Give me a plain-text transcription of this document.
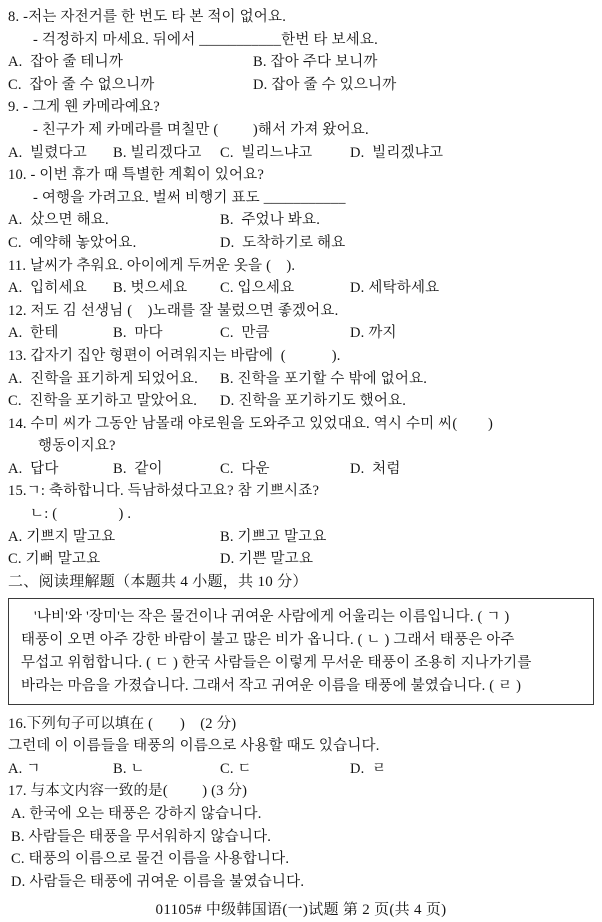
8. -저는 자전거를 한 번도 타 본 적이 없어요.
- 걱정하지 마세요. 뒤에서 ___________한번 타 보세요.
A.  잡아 줄 테니까	B. 잡아 주다 보니까
C.  잡아 줄 수 없으니까	D. 잡아 줄 수 있으니까
9. - 그게 웬 카메라예요?
- 친구가 제 카메라를 며칠만 (         )해서 가져 왔어요.
A.  빌렸다고	B. 빌리겠다고	C.  빌리느냐고	D.  빌리겠냐고
10. - 이번 휴가 때 특별한 계획이 있어요?
- 여행을 가려고요. 벌써 비행기 표도 ___________
A.  샀으면 해요.	B.  주었나 봐요.
C.  예약해 놓았어요.	D.  도착하기로 해요
11. 날씨가 추워요. 아이에게 두꺼운 옷을 (    ).
A.  입히세요	B. 벗으세요	C. 입으세요	D. 세탁하세요
12. 저도 김 선생님 (    )노래를 잘 불렀으면 좋겠어요.
A.  한테	B.  마다	C.  만큼	D. 까지
13. 갑자기 집안 형편이 어려워지는 바람에  (            ).
A.  진학을 표기하게 되었어요.	B. 진학을 포기할 수 밖에 없어요.
C.  진학을 포기하고 말았어요.	D. 진학을 포기하기도 했어요.
14. 수미 씨가 그동안 남몰래 야로원을 도와주고 있었대요. 역시 수미 씨(        )
행동이지요?
A.  답다	B.  같이	C.  다운	D.  처럼
15.ㄱ: 축하합니다. 득남하셨다고요? 참 기쁘시죠?
ㄴ: (                ) .
A. 기쁘지 말고요	B. 기쁘고 말고요
C. 기뻐 말고요	D. 기쁜 말고요
二、阅读理解题（本题共 4 小题，共 10 分）
'나비'와 '장미'는 작은 물건이나 귀여운 사람에게 어울리는 이름입니다. ( ㄱ )
태풍이 오면 아주 강한 바람이 불고 많은 비가 옵니다. ( ㄴ ) 그래서 태풍은 아주
무섭고 위험합니다. ( ㄷ ) 한국 사람들은 이렇게 무서운 태풍이 조용히 지나가기를
바라는 마음을 가졌습니다. 그래서 작고 귀여운 이름을 태풍에 불였습니다. ( ㄹ )
16.下列句子可以填在 (       )    (2 分)
그런데 이 이름들을 태풍의 이름으로 사용할 때도 있습니다.
A. ㄱ	B. ㄴ	C. ㄷ	D.  ㄹ
17. 与本文内容一致的是(         ) (3 分)
A. 한국에 오는 태풍은 강하지 않습니다.
B. 사람들은 태풍을 무서워하지 않습니다.
C. 태풍의 이름으로 물건 이름을 사용합니다.
D. 사람들은 태풍에 귀여운 이름을 불였습니다.
01105# 中级韩国语(一)试题 第 2 页(共 4 页)
